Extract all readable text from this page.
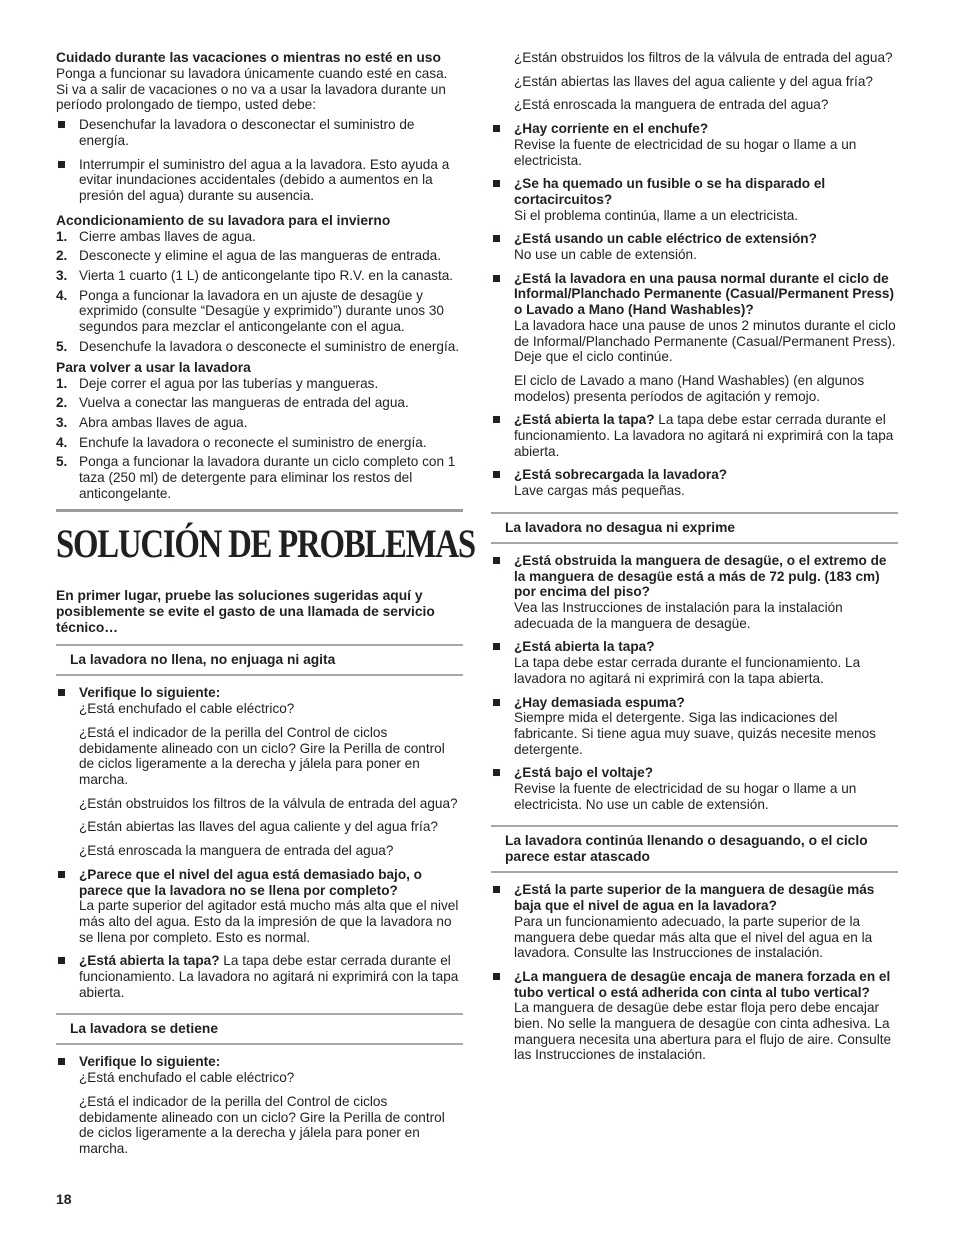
Cuidado durante las vacaciones o mientras no esté en uso

Ponga a funcionar su lavadora únicamente cuando esté en casa. Si va a salir de vacaciones o no va a usar la lavadora durante un período prolongado de tiempo, usted debe:

Desenchufar la lavadora o desconectar el suministro de energía.

Interrumpir el suministro del agua a la lavadora. Esto ayuda a evitar inundaciones accidentales (debido a aumentos en la presión del agua) durante su ausencia.

Acondicionamiento de su lavadora para el invierno

1. Cierre ambas llaves de agua.
2. Desconecte y elimine el agua de las mangueras de entrada.
3. Vierta 1 cuarto (1 L) de anticongelante tipo R.V. en la canasta.
4. Ponga a funcionar la lavadora en un ajuste de desagüe y exprimido (consulte “Desagüe y exprimido”) durante unos 30 segundos para mezclar el anticongelante con el agua.
5. Desenchufe la lavadora o desconecte el suministro de energía.

Para volver a usar la lavadora

1. Deje correr el agua por las tuberías y mangueras.
2. Vuelva a conectar las mangueras de entrada del agua.
3. Abra ambas llaves de agua.
4. Enchufe la lavadora o reconecte el suministro de energía.
5. Ponga a funcionar la lavadora durante un ciclo completo con 1 taza (250 ml) de detergente para eliminar los restos del anticongelante.
SOLUCIÓN DE PROBLEMAS

En primer lugar, pruebe las soluciones sugeridas aquí y posiblemente se evite el gasto de una llamada de servicio técnico…

La lavadora no llena, no enjuaga ni agita

Verifique lo siguiente:
¿Está enchufado el cable eléctrico?

¿Está el indicador de la perilla del Control de ciclos debidamente alineado con un ciclo? Gire la Perilla de control de ciclos ligeramente a la derecha y jálela para poner en marcha.

¿Están obstruidos los filtros de la válvula de entrada del agua?

¿Están abiertas las llaves del agua caliente y del agua fría?

¿Está enroscada la manguera de entrada del agua?

¿Parece que el nivel del agua está demasiado bajo, o parece que la lavadora no se llena por completo?
La parte superior del agitador está mucho más alta que el nivel más alto del agua. Esto da la impresión de que la lavadora no se llena por completo. Esto es normal.

¿Está abierta la tapa? La tapa debe estar cerrada durante el funcionamiento. La lavadora no agitará ni exprimirá con la tapa abierta.

La lavadora se detiene

Verifique lo siguiente:
¿Está enchufado el cable eléctrico?

¿Está el indicador de la perilla del Control de ciclos debidamente alineado con un ciclo? Gire la Perilla de control de ciclos ligeramente a la derecha y jálela para poner en marcha.

¿Están obstruidos los filtros de la válvula de entrada del agua?

¿Están abiertas las llaves del agua caliente y del agua fría?

¿Está enroscada la manguera de entrada del agua?

¿Hay corriente en el enchufe?
Revise la fuente de electricidad de su hogar o llame a un electricista.

¿Se ha quemado un fusible o se ha disparado el cortacircuitos?
Si el problema continúa, llame a un electricista.

¿Está usando un cable eléctrico de extensión?
No use un cable de extensión.

¿Está la lavadora en una pausa normal durante el ciclo de Informal/Planchado Permanente (Casual/Permanent Press) o Lavado a Mano (Hand Washables)?
La lavadora hace una pause de unos 2 minutos durante el ciclo de Informal/Planchado Permanente (Casual/Permanent Press). Deje que el ciclo continúe.

El ciclo de Lavado a mano (Hand Washables) (en algunos modelos) presenta períodos de agitación y remojo.

¿Está abierta la tapa? La tapa debe estar cerrada durante el funcionamiento. La lavadora no agitará ni exprimirá con la tapa abierta.

¿Está sobrecargada la lavadora?
Lave cargas más pequeñas.

La lavadora no desagua ni exprime

¿Está obstruida la manguera de desagüe, o el extremo de la manguera de desagüe está a más de 72 pulg. (183 cm) por encima del piso?
Vea las Instrucciones de instalación para la instalación adecuada de la manguera de desagüe.

¿Está abierta la tapa?
La tapa debe estar cerrada durante el funcionamiento. La lavadora no agitará ni exprimirá con la tapa abierta.

¿Hay demasiada espuma?
Siempre mida el detergente. Siga las indicaciones del fabricante. Si tiene agua muy suave, quizás necesite menos detergente.

¿Está bajo el voltaje?
Revise la fuente de electricidad de su hogar o llame a un electricista. No use un cable de extensión.

La lavadora continúa llenando o desaguando, o el ciclo parece estar atascado

¿Está la parte superior de la manguera de desagüe más baja que el nivel de agua en la lavadora?
Para un funcionamiento adecuado, la parte superior de la manguera debe quedar más alta que el nivel del agua en la lavadora. Consulte las Instrucciones de instalación.

¿La manguera de desagüe encaja de manera forzada en el tubo vertical o está adherida con cinta al tubo vertical?
La manguera de desagüe debe estar floja pero debe encajar bien. No selle la manguera de desagüe con cinta adhesiva. La manguera necesita una abertura para el flujo de aire. Consulte las Instrucciones de instalación.

18
